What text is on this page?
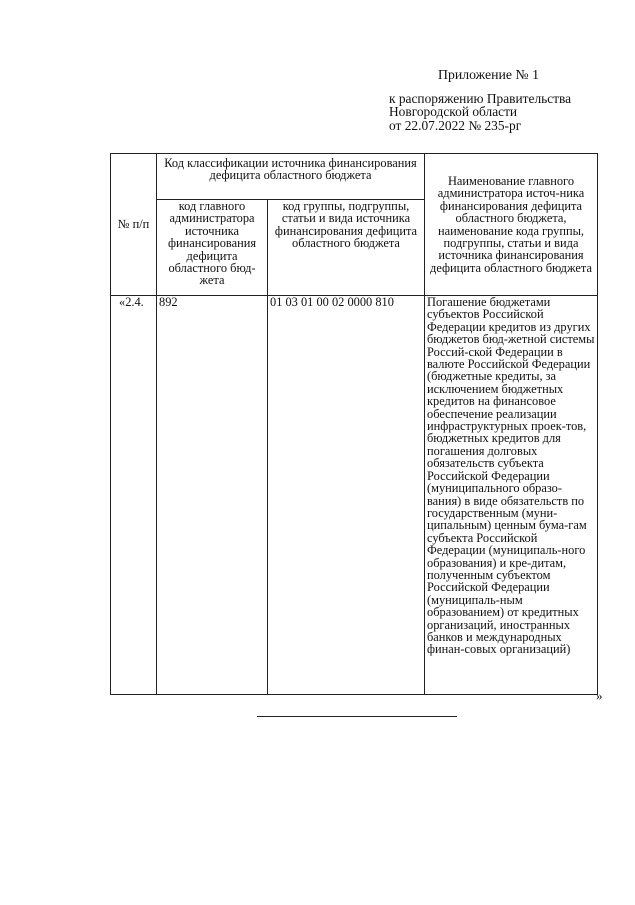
Приложение № 1
к распоряжению Правительства
Новгородской области
от 22.07.2022 № 235-рг
№ п/п	Код классификации источника финансирования дефицита областного бюджета		Наименование главного администратора источ-ника финансирования дефицита областного бюджета, наименование кода группы, подгруппы, статьи и вида источника финансирования дефицита областного бюджета
	код главного администратора источника финансирования дефицита областного бюд-жета	код группы, подгруппы, статьи и вида источника финансирования дефицита областного бюджета	
«2.4.	892	01 03 01 00 02 0000 810	Погашение бюджетами субъектов Российской Федерации кредитов из других бюджетов бюд-жетной системы Россий-ской Федерации в валюте Российской Федерации (бюджетные кредиты, за исключением бюджетных кредитов на финансовое обеспечение реализации инфраструктурных проек-тов, бюджетных кредитов для погашения долговых обязательств субъекта Российской Федерации (муниципального образо-вания) в виде обязательств по государственным (муни-ципальным) ценным бума-гам субъекта Российской Федерации (муниципаль-ного образования) и кре-дитам, полученным субъектом Российской Федерации (муниципаль-ным образованием) от кредитных организаций, иностранных банков и международных финан-совых организаций)
»
